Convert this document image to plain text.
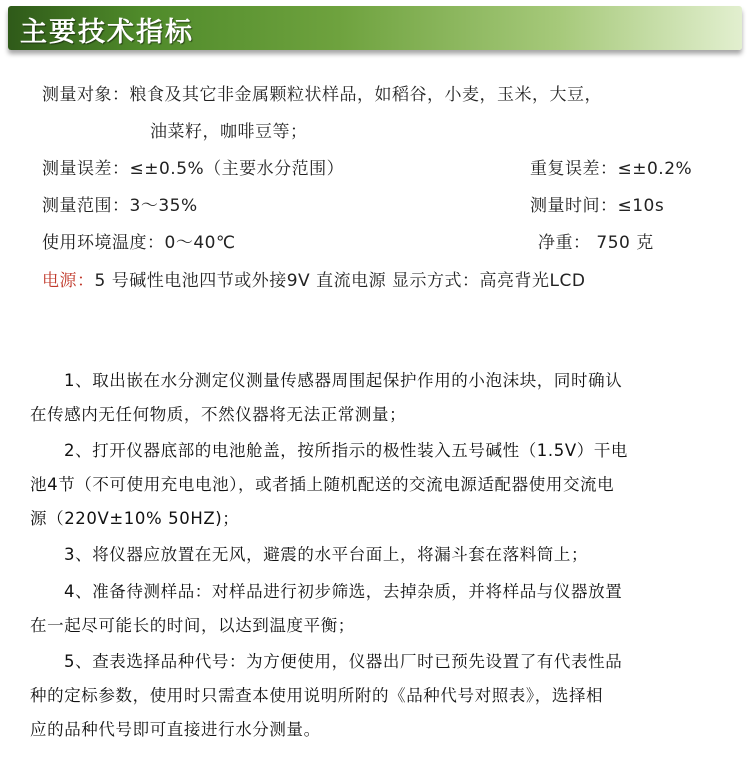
主要技术指标
测量对象：粮食及其它非金属颗粒状样品，如稻谷，小麦，玉米，大豆，
油菜籽，咖啡豆等；
测量误差：≤±0.5%（主要水分范围）	重复误差：≤±0.2%
测量范围：3～35%	测量时间：≤10s
使用环境温度：0～40℃	净重： 750 克
电源：5 号碱性电池四节或外接9V 直流电源 显示方式：高亮背光LCD
1、取出嵌在水分测定仪测量传感器周围起保护作用的小泡沫块，同时确认
在传感内无任何物质，不然仪器将无法正常测量；
2、打开仪器底部的电池舱盖，按所指示的极性装入五号碱性（1.5V）干电
池4节（不可使用充电电池），或者插上随机配送的交流电源适配器使用交流电
源（220V±10% 50HZ)；
3、将仪器应放置在无风，避震的水平台面上，将漏斗套在落料筒上；
4、准备待测样品：对样品进行初步筛选，去掉杂质，并将样品与仪器放置
在一起尽可能长的时间，以达到温度平衡；
5、查表选择品种代号：为方便使用，仪器出厂时已预先设置了有代表性品
种的定标参数，使用时只需查本使用说明所附的《品种代号对照表》，选择相
应的品种代号即可直接进行水分测量。
